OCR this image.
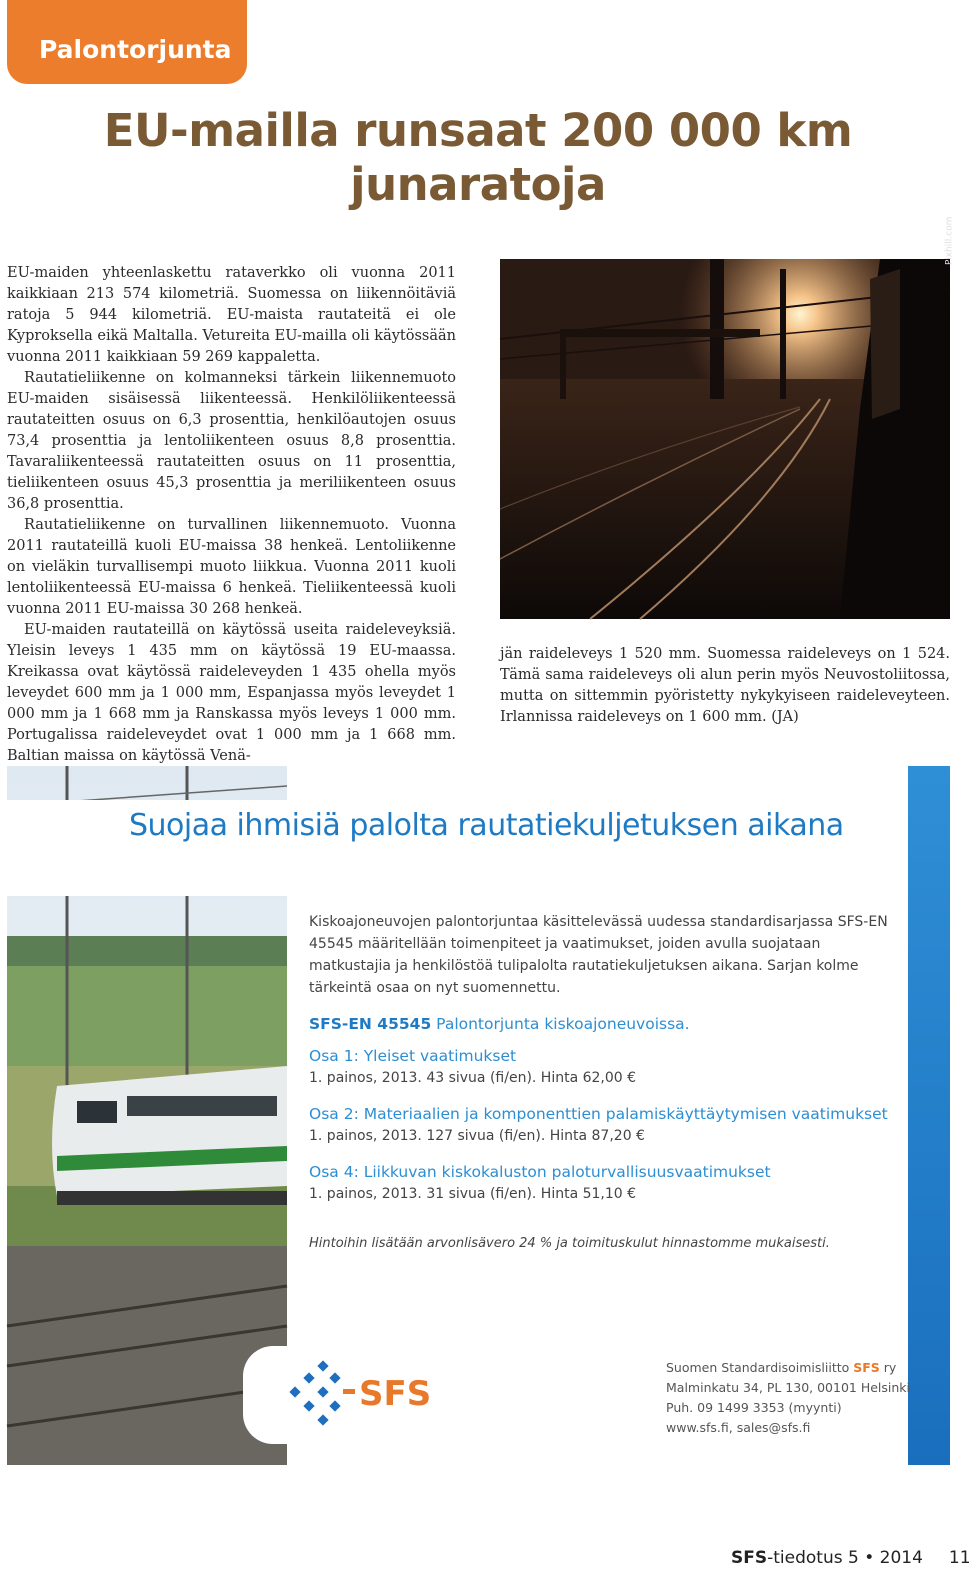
Palontorjunta
EU-mailla runsaat 200 000 km
junaratoja

EU-maiden yhteenlaskettu rataverkko oli vuonna 2011 kaikkiaan 213 574 kilometriä. Suomessa on liikennöitäviä ratoja 5 944 kilometriä. EU-maista rautateitä ei ole Kyproksella eikä Maltalla. Vetureita EU-mailla oli käytössään vuonna 2011 kaikkiaan 59 269 kappaletta.

Rautatieliikenne on kolmanneksi tärkein liikennemuoto EU-maiden sisäisessä liikenteessä. Henkilöliikenteessä rautateitten osuus on 6,3 prosenttia, henkilöautojen osuus 73,4 prosenttia ja lentoliikenteen osuus 8,8 prosenttia. Tavaraliikenteessä rautateitten osuus on 11 prosenttia, tieliikenteen osuus 45,3 prosenttia ja meriliikenteen osuus 36,8 prosenttia.

Rautatieliikenne on turvallinen liikennemuoto. Vuonna 2011 rautateillä kuoli EU-maissa 38 henkeä. Lentoliikenne on vieläkin turvallisempi muoto liikkua. Vuonna 2011 kuoli lentoliikenteessä EU-maissa 6 henkeä. Tieliikenteessä kuoli vuonna 2011 EU-maissa 30 268 henkeä.

EU-maiden rautateillä on käytössä useita raideleveyksiä. Yleisin leveys 1 435 mm on käytössä 19 EU-maassa. Kreikassa ovat käytössä raideleveyden 1 435 ohella myös leveydet 600 mm ja 1 000 mm, Espanjassa myös leveydet 1 000 mm ja 1 668 mm ja Ranskassa myös leveys 1 000 mm. Portugalissa raideleveydet ovat 1 000 mm ja 1 668 mm. Baltian maissa on käytössä Venä-

Pixhill.com

jän raideleveys 1 520 mm. Suomessa raideleveys on 1 524. Tämä sama raideleveys oli alun perin myös Neuvostoliitossa, mutta on sittemmin pyöristetty nykykyiseen raideleveyteen. Irlannissa raideleveys on 1 600 mm. (JA)

Suojaa ihmisiä palolta rautatiekuljetuksen aikana

Kiskoajoneuvojen palontorjuntaa käsittelevässä uudessa standardisarjassa SFS-EN 45545 määritellään toimenpiteet ja vaatimukset, joiden avulla suojataan matkustajia ja henkilöstöä tulipalolta rautatiekuljetuksen aikana. Sarjan kolme tärkeintä osaa on nyt suomennettu.

SFS-EN 45545 Palontorjunta kiskoajoneuvoissa.

Osa 1: Yleiset vaatimukset
1. painos, 2013. 43 sivua (fi/en). Hinta 62,00 €
Osa 2: Materiaalien ja komponenttien palamiskäyttäytymisen vaatimukset
1. painos, 2013. 127 sivua (fi/en). Hinta 87,20 €
Osa 4: Liikkuvan kiskokaluston paloturvallisuusvaatimukset
1. painos, 2013. 31 sivua (fi/en). Hinta 51,10 €
Hintoihin lisätään arvonlisävero 24 % ja toimituskulut hinnastomme mukaisesti.
SFS
Suomen Standardisoimisliitto SFS ry
Malminkatu 34, PL 130, 00101 Helsinki
Puh. 09 1499 3353 (myynti)
www.sfs.fi, sales@sfs.fi
SFS-tiedotus 5 • 2014 11
